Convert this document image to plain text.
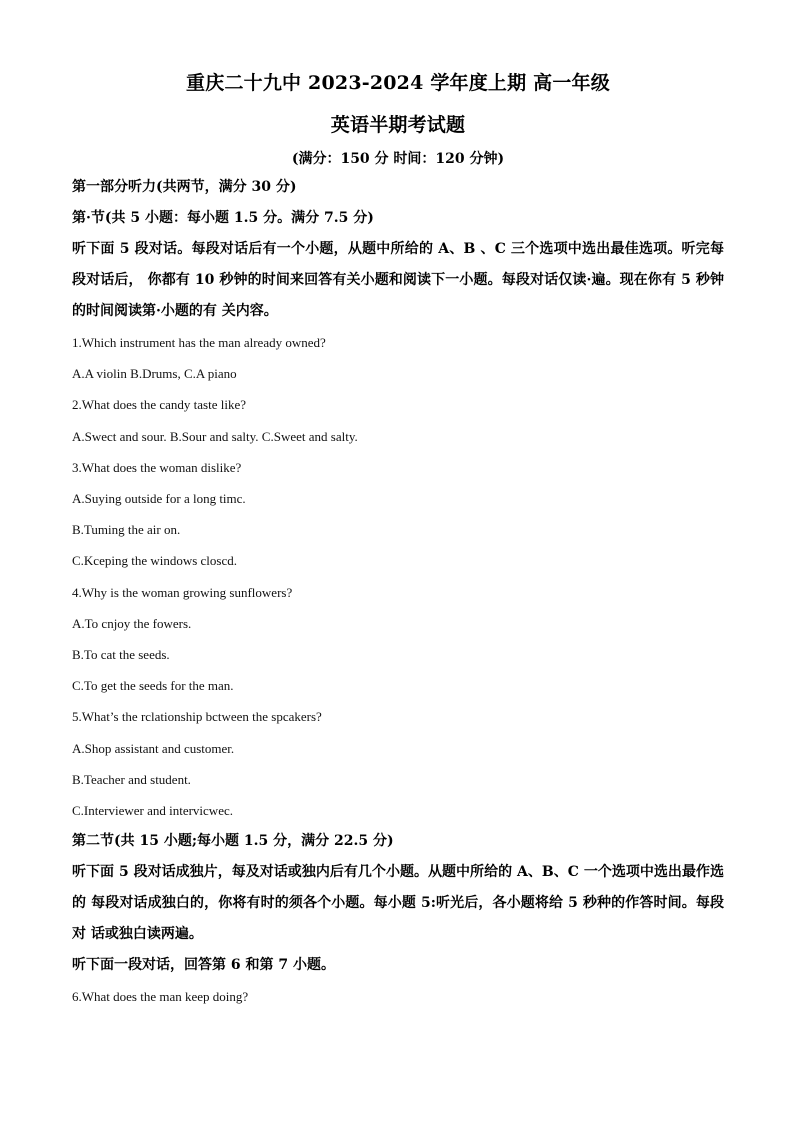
重庆二十九中 2023-2024 学年度上期 高一年级

英语半期考试题

(满分：150 分 时间：120 分钟)

第一部分听力(共两节，满分 30 分)

第·节(共 5 小题：每小题 1.5 分。满分 7.5 分)

听下面 5 段对话。每段对话后有一个小题，从题中所给的 A、B 、C 三个选项中选出最佳选项。听完每段对话后， 你都有 10 秒钟的时间来回答有关小题和阅读下一小题。每段对话仅读·遍。现在你有 5 秒钟的时间阅读第·小题的有 关内容。

1.Which instrument has the man already owned?

A.A violin B.Drums, C.A piano

2.What does the candy taste like?

A.Swect and sour. B.Sour and salty. C.Sweet and salty.

3.What does the woman dislike?

A.Suying outside for a long timc.

B.Tuming the air on.

C.Kceping the windows closcd.

4.Why is the woman growing sunflowers?

A.To cnjoy the fowers.

B.To cat the seeds.

C.To get the seeds for the man.

5.What’s the rclationship bctween the spcakers?

A.Shop assistant and customer.

B.Teacher and student.

C.Interviewer and intervicwec.

第二节(共 15 小题;每小题 1.5 分，满分 22.5 分)

听下面 5 段对话成独片，每及对话或独内后有几个小题。从题中所给的 A、B、C 一个选项中选出最作选的 每段对话成独白的，你将有时的须各个小题。每小题 5:听光后，各小题将给 5 秒种的作答时间。每段对 话或独白读两遍。

听下面一段对话，回答第 6 和第 7 小题。

6.What does the man keep doing?
